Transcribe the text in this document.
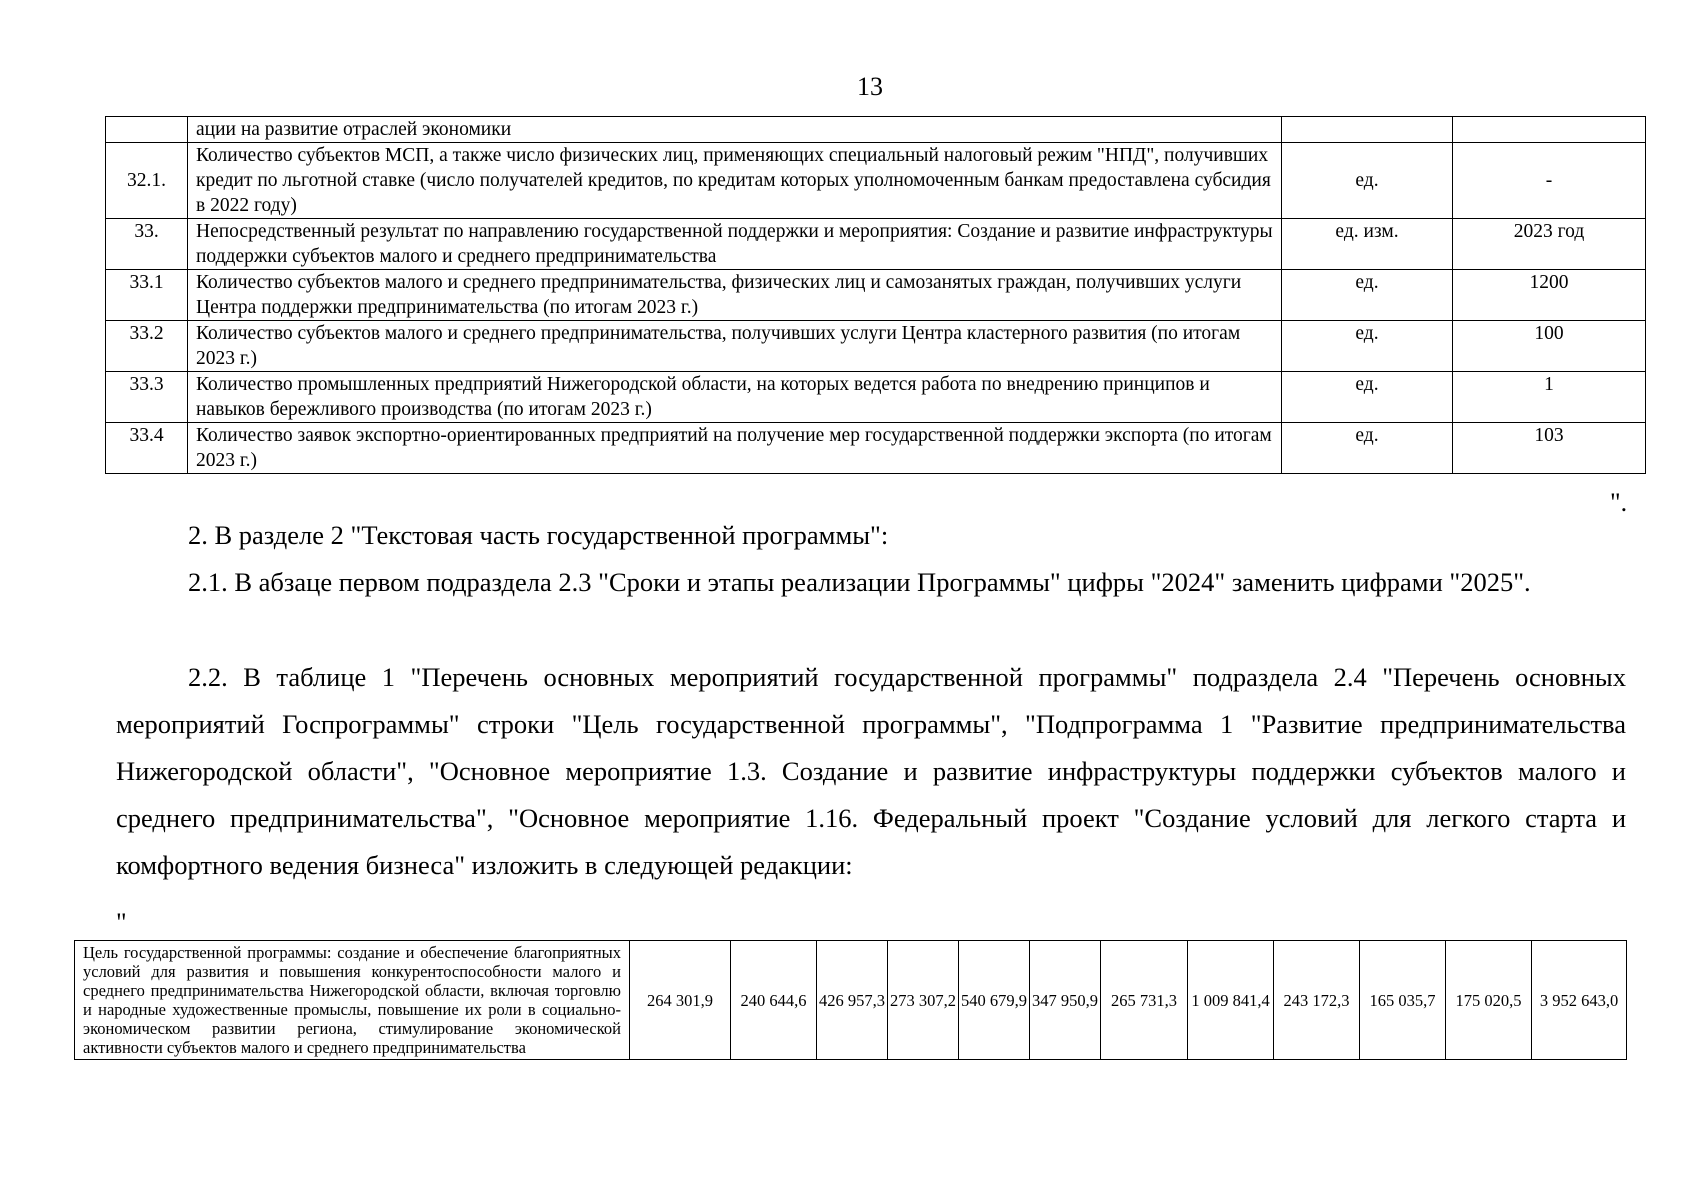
13
	ации на развитие отраслей экономики		
32.1.	Количество субъектов МСП, а также число физических лиц, применяющих специальный налоговый режим "НПД", получивших кредит по льготной ставке (число получателей кредитов, по кредитам которых уполномоченным банкам предоставлена субсидия в 2022 году)	ед.	-
33.	Непосредственный результат по направлению государственной поддержки и мероприятия: Создание и развитие инфраструктуры поддержки субъектов малого и среднего предпринимательства	ед. изм.	2023 год
33.1	Количество субъектов малого и среднего предпринимательства, физических лиц и самозанятых граждан, получивших услуги Центра поддержки предпринимательства (по итогам 2023 г.)	ед.	1200
33.2	Количество субъектов малого и среднего предпринимательства, получивших услуги Центра кластерного развития (по итогам 2023 г.)	ед.	100
33.3	Количество промышленных предприятий Нижегородской области, на которых ведется работа по внедрению принципов и навыков бережливого производства (по итогам 2023 г.)	ед.	1
33.4	Количество заявок экспортно-ориентированных предприятий на получение мер государственной поддержки экспорта (по итогам 2023 г.)	ед.	103
".

2. В разделе 2 "Текстовая часть государственной программы":

2.1. В абзаце первом подраздела 2.3 "Сроки и этапы реализации Программы" цифры "2024" заменить цифрами "2025".

2.2. В таблице 1 "Перечень основных мероприятий государственной программы" подраздела 2.4 "Перечень основных мероприятий Госпрограммы" строки "Цель государственной программы", "Подпрограмма 1 "Развитие предпринимательства Нижегородской области", "Основное мероприятие 1.3. Создание и развитие инфраструктуры поддержки субъектов малого и среднего предпринимательства", "Основное мероприятие 1.16. Федеральный проект "Создание условий для легкого старта и комфортного ведения бизнеса" изложить в следующей редакции:

"
Цель государственной программы: создание и обеспечение благоприятных условий для развития и повышения конкурентоспособности малого и среднего предпринимательства Нижегородской области, включая торговлю и народные художественные промыслы, повышение их роли в социально-экономическом развитии региона, стимулирование экономической активности субъектов малого и среднего предпринимательства	264 301,9	240 644,6	426 957,3	273 307,2	540 679,9	347 950,9	265 731,3	1 009 841,4	243 172,3	165 035,7	175 020,5	3 952 643,0
